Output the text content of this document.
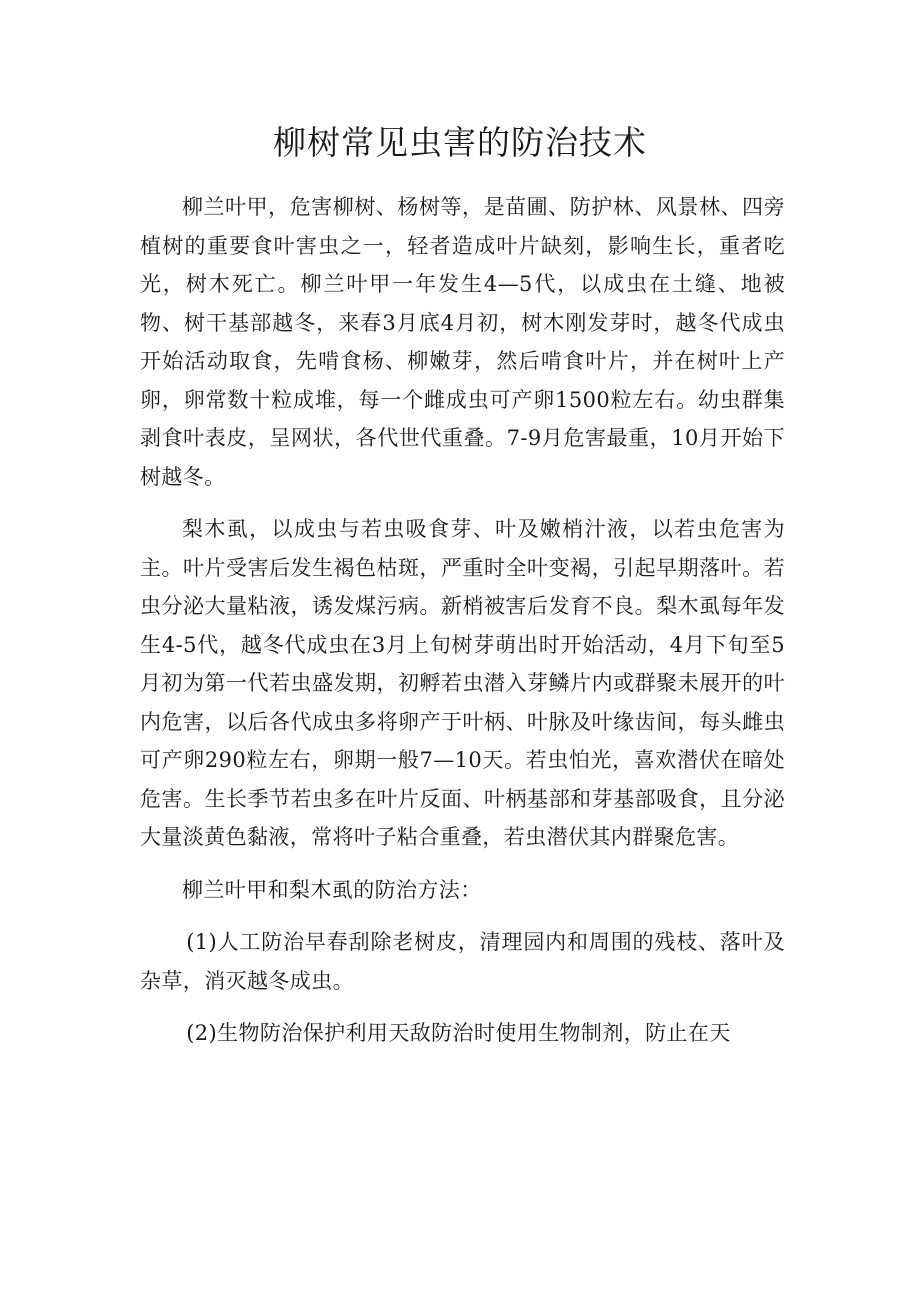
柳树常见虫害的防治技术

柳兰叶甲，危害柳树、杨树等，是苗圃、防护林、风景林、四旁植树的重要食叶害虫之一，轻者造成叶片缺刻，影响生长，重者吃光，树木死亡。柳兰叶甲一年发生4—5代，以成虫在土缝、地被物、树干基部越冬，来春3月底4月初，树木刚发芽时，越冬代成虫开始活动取食，先啃食杨、柳嫩芽，然后啃食叶片，并在树叶上产卵，卵常数十粒成堆，每一个雌成虫可产卵1500粒左右。幼虫群集剥食叶表皮，呈网状，各代世代重叠。7-9月危害最重，10月开始下树越冬。

梨木虱，以成虫与若虫吸食芽、叶及嫩梢汁液，以若虫危害为主。叶片受害后发生褐色枯斑，严重时全叶变褐，引起早期落叶。若虫分泌大量粘液，诱发煤污病。新梢被害后发育不良。梨木虱每年发生4-5代，越冬代成虫在3月上旬树芽萌出时开始活动，4月下旬至5月初为第一代若虫盛发期，初孵若虫潜入芽鳞片内或群聚未展开的叶内危害，以后各代成虫多将卵产于叶柄、叶脉及叶缘齿间，每头雌虫可产卵290粒左右，卵期一般7—10天。若虫怕光，喜欢潜伏在暗处危害。生长季节若虫多在叶片反面、叶柄基部和芽基部吸食，且分泌大量淡黄色黏液，常将叶子粘合重叠，若虫潜伏其内群聚危害。

柳兰叶甲和梨木虱的防治方法：

(1)人工防治早春刮除老树皮，清理园内和周围的残枝、落叶及杂草，消灭越冬成虫。

(2)生物防治保护利用天敌防治时使用生物制剂，防止在天
